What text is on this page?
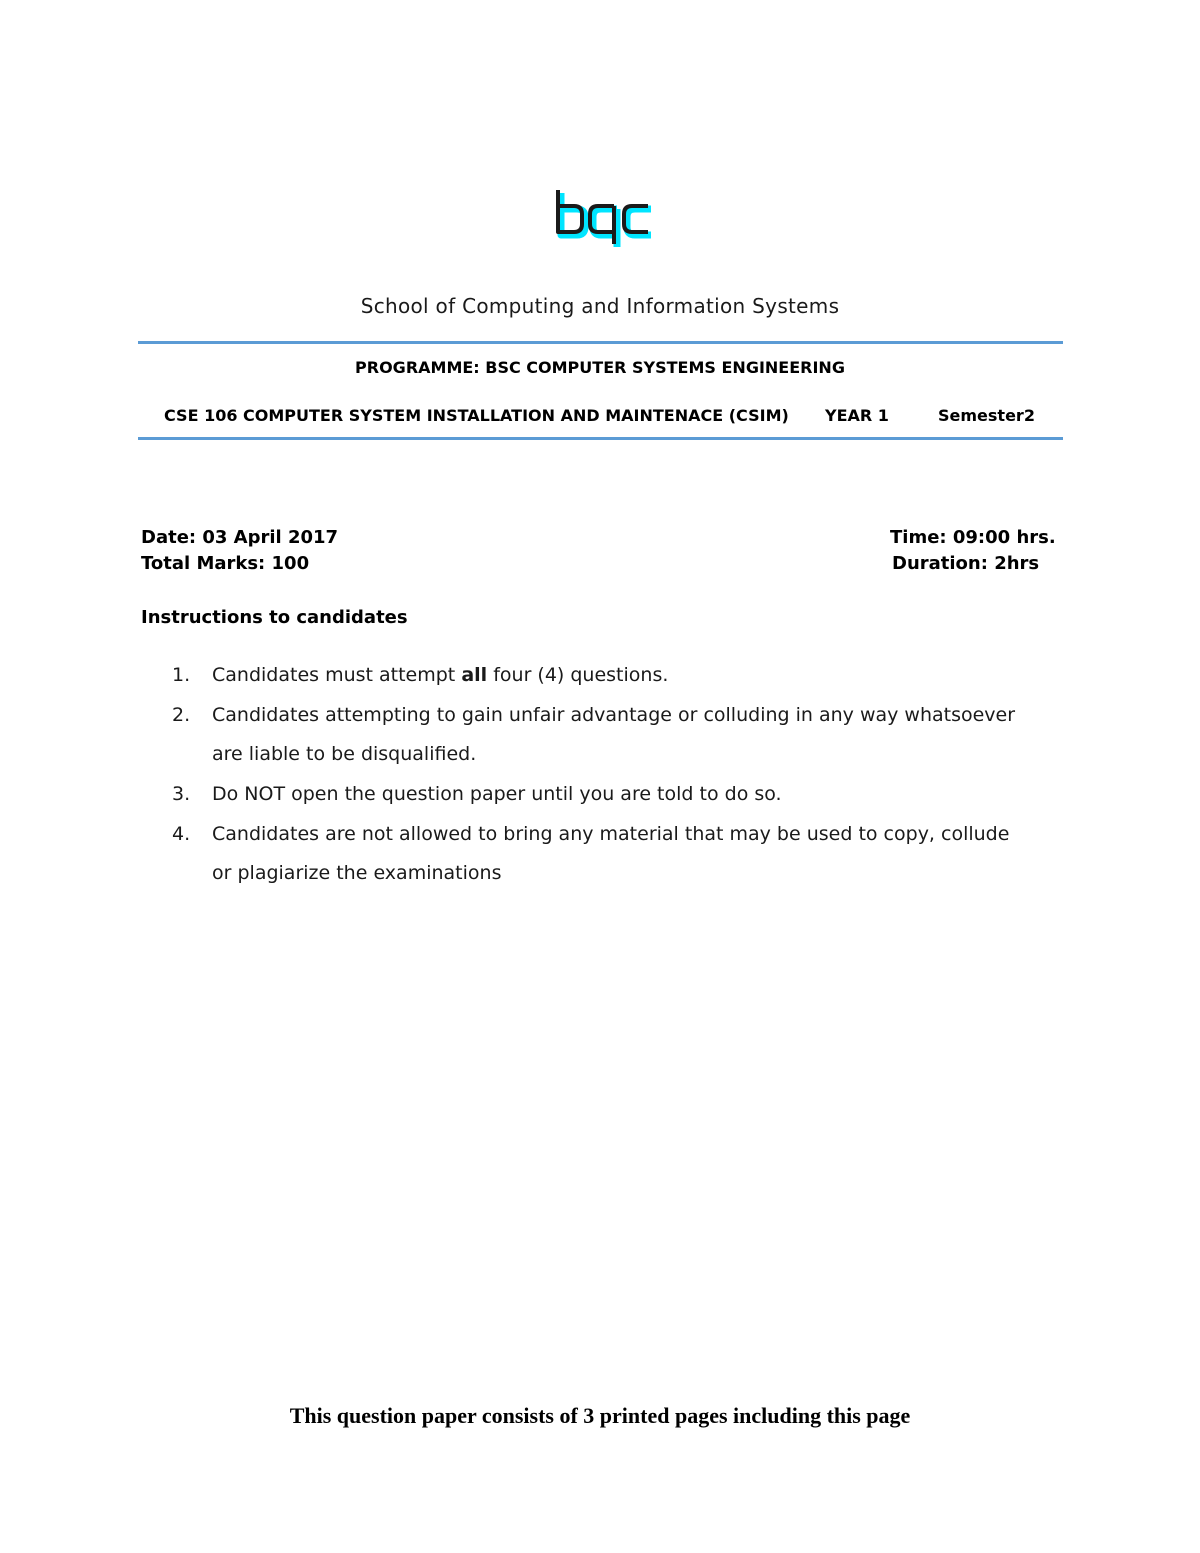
School of Computing and Information Systems
PROGRAMME: BSC COMPUTER SYSTEMS ENGINEERING
CSE 106 COMPUTER SYSTEM INSTALLATION AND MAINTENACE (CSIM) YEAR 1	Semester2
Date: 03 April 2017
Total Marks: 100
Time: 09:00 hrs.
Duration: 2hrs
Instructions to candidates
1. Candidates must attempt all four (4) questions.
2. Candidates attempting to gain unfair advantage or colluding in any way whatsoever are liable to be disqualified.
3. Do NOT open the question paper until you are told to do so.
4. Candidates are not allowed to bring any material that may be used to copy, collude or plagiarize the examinations
This question paper consists of 3 printed pages including this page
